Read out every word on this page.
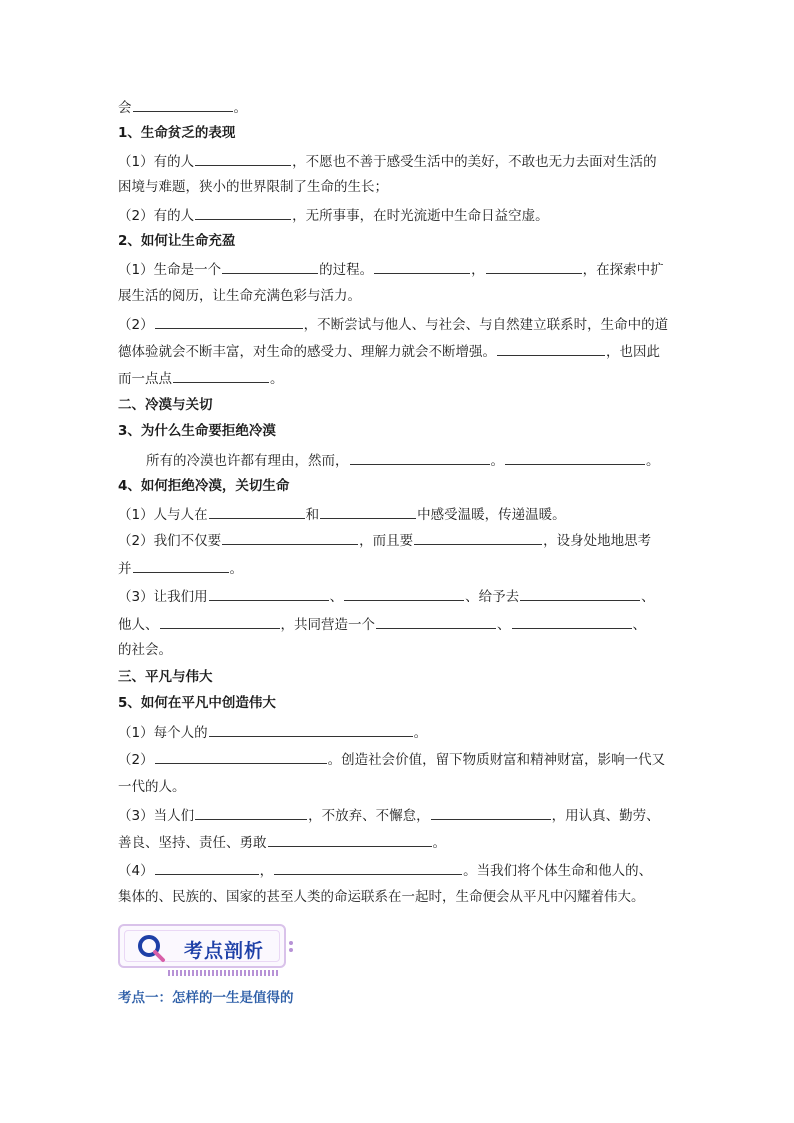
会	。
1、生命贫乏的表现
（1）有的人	，不愿也不善于感受生活中的美好，不敢也无力去面对生活的
困境与难题，狭小的世界限制了生命的生长；
（2）有的人	，无所事事，在时光流逝中生命日益空虚。
2、如何让生命充盈
（1）生命是一个	的过程。	，	，在探索中扩
展生活的阅历，让生命充满色彩与活力。
（2）	，不断尝试与他人、与社会、与自然建立联系时，生命中的道
德体验就会不断丰富，对生命的感受力、理解力就会不断增强。	，也因此
而一点点	。
二、冷漠与关切
3、为什么生命要拒绝冷漠
所有的冷漠也许都有理由，然而，	。	。
4、如何拒绝冷漠，关切生命
（1）人与人在	和	中感受温暖，传递温暖。
（2）我们不仅要	，而且要	，设身处地地思考
并	。
（3）让我们用	、	、给予去	、
他人、	，共同营造一个	、	、
的社会。
三、平凡与伟大
5、如何在平凡中创造伟大
（1）每个人的	。
（2）	。创造社会价值，留下物质财富和精神财富，影响一代又
一代的人。
（3）当人们	，不放弃、不懈怠，	，用认真、勤劳、
善良、坚持、责任、勇敢	。
（4）	，	。当我们将个体生命和他人的、
集体的、民族的、国家的甚至人类的命运联系在一起时，生命便会从平凡中闪耀着伟大。
考点剖析
考点一：怎样的一生是值得的
